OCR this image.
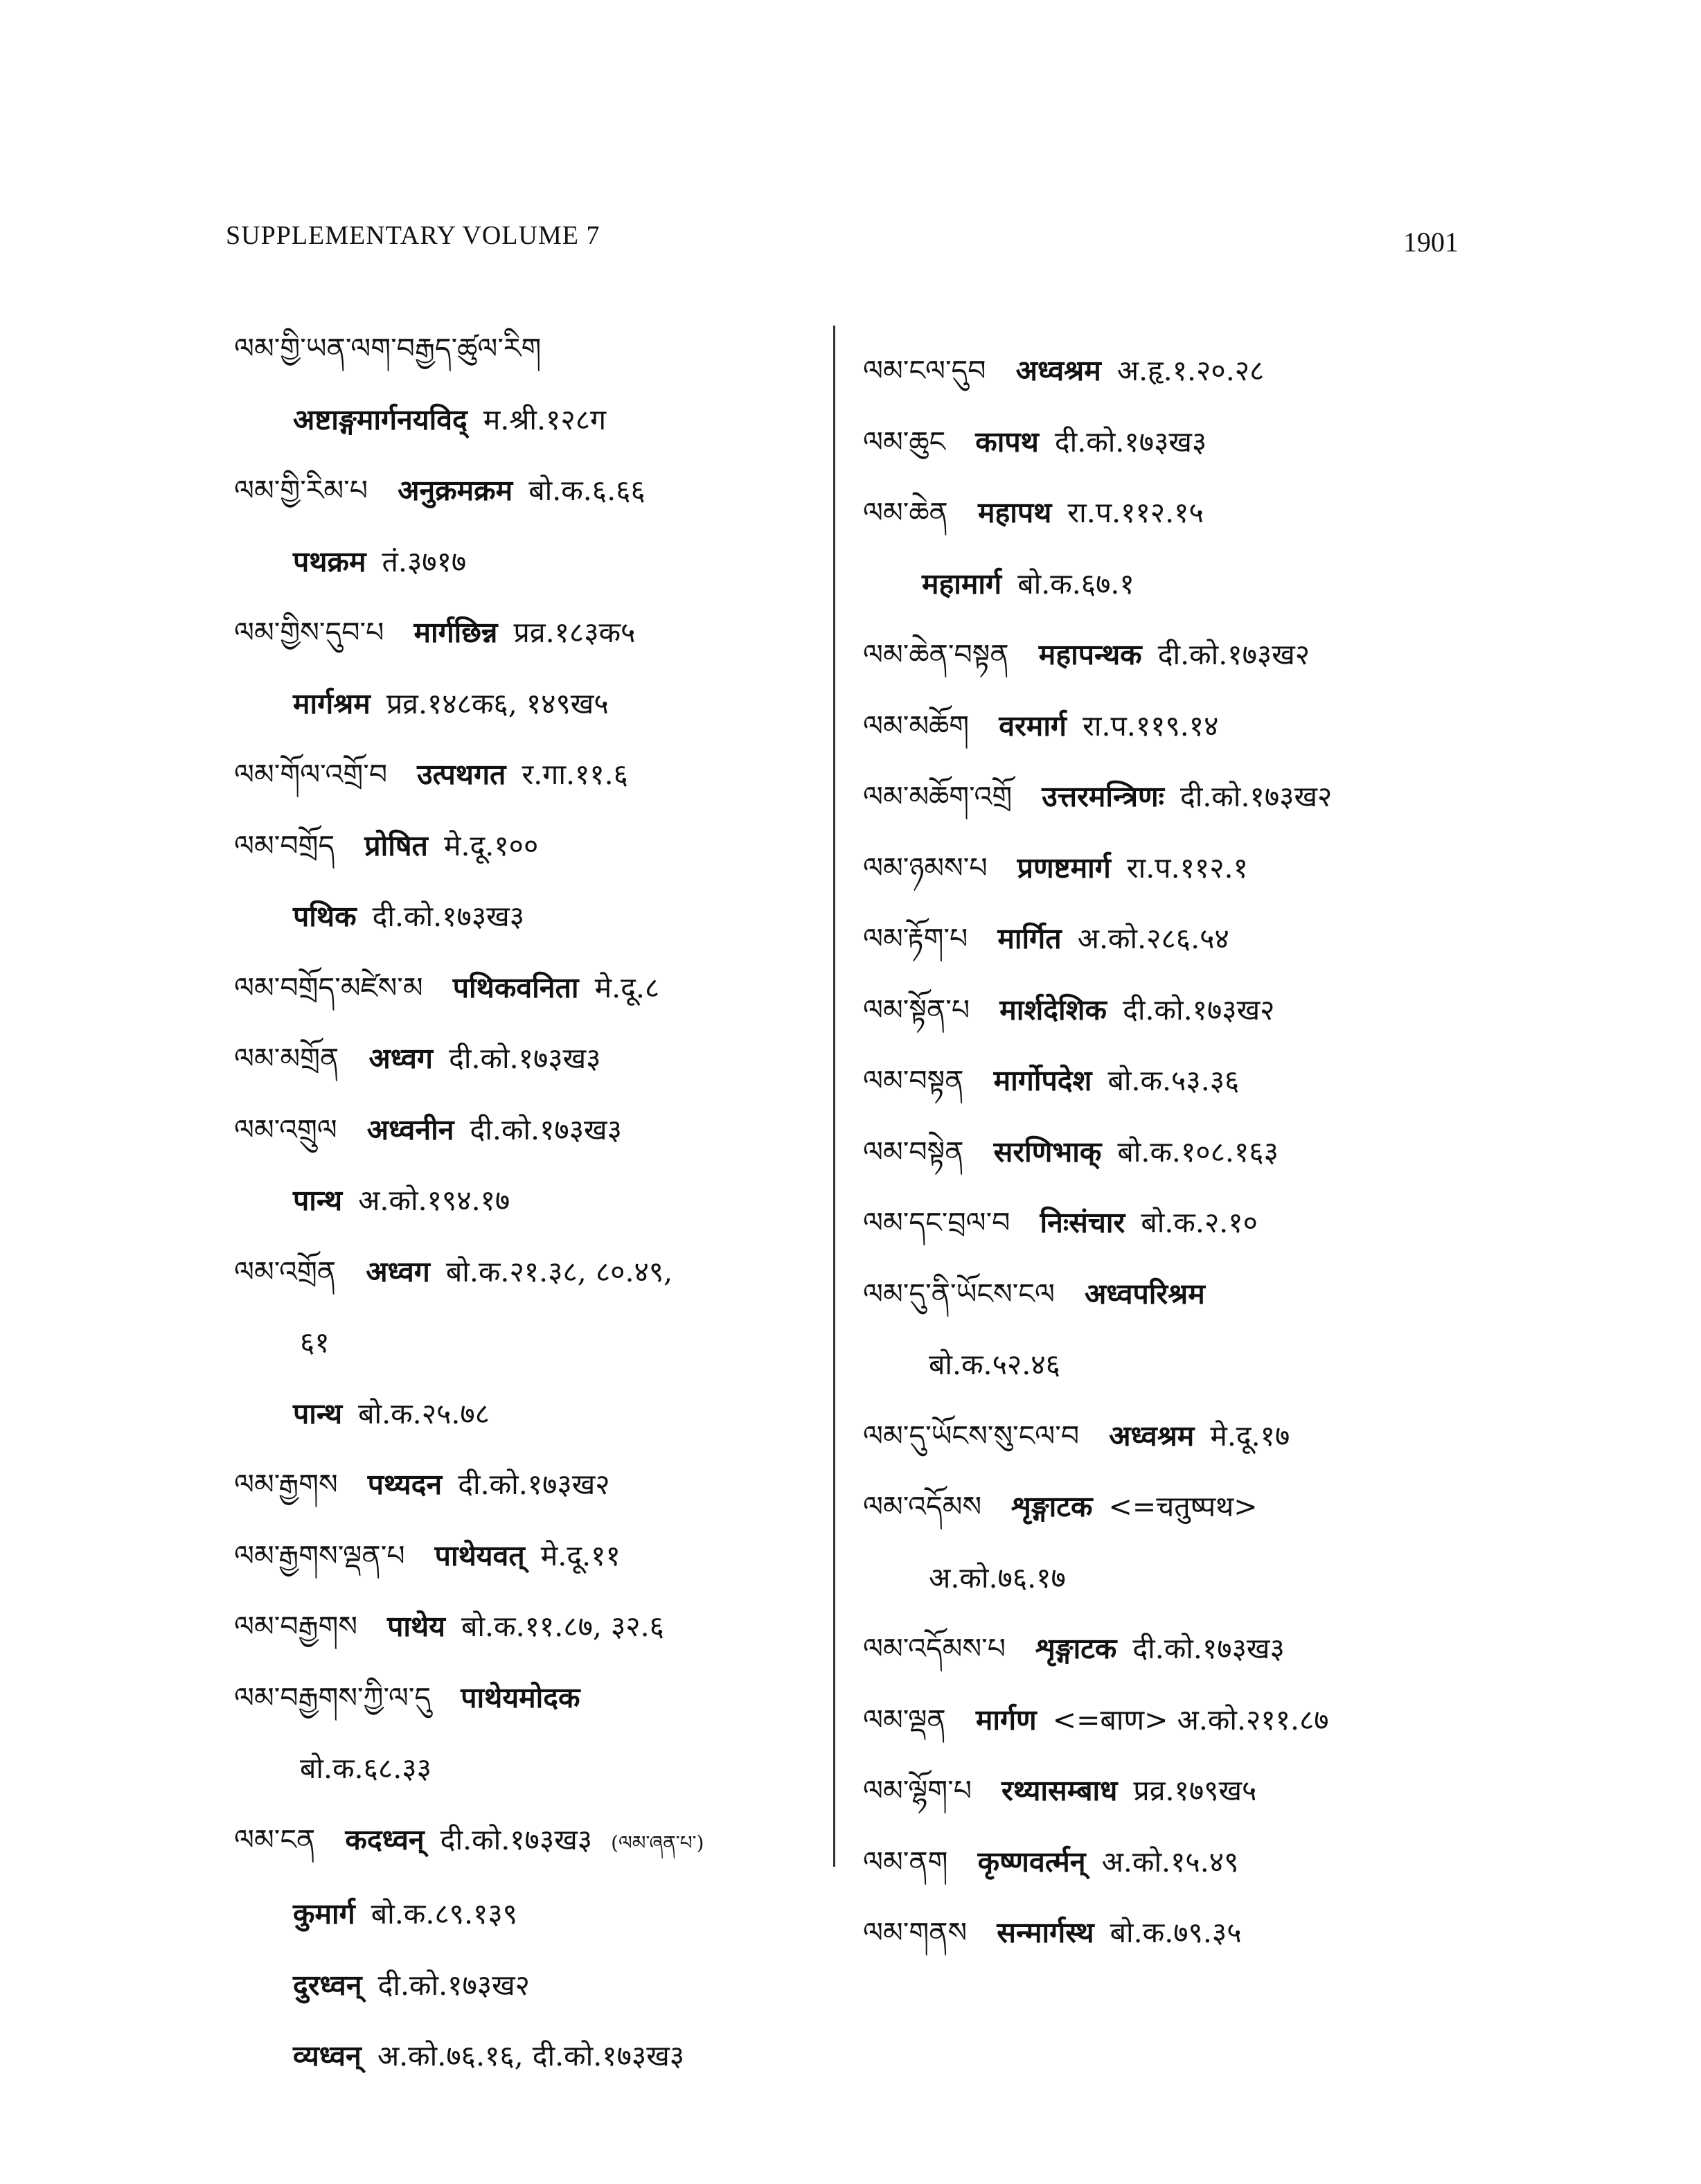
SUPPLEMENTARY VOLUME 7	1901
ལམ་གྱི་ཡན་ལག་བརྒྱད་ཚུལ་རིག
अष्टाङ्गमार्गनयविद् म.श्री.१२८ग
ལམ་གྱི་རིམ་པ अनुक्रमक्रम बो.क.६.६६
पथक्रम तं.३७१७
ལམ་གྱིས་དུབ་པ मार्गछिन्न प्रव्र.१८३क५
मार्गश्रम प्रव्र.१४८क६, १४९ख५
ལམ་གོལ་འགྲོ་བ उत्पथगत र.गा.११.६
ལམ་བགྲོད प्रोषित मे.दू.१००
पथिक दी.को.१७३ख३
ལམ་བགྲོད་མཛེས་མ पथिकवनिता मे.दू.८
ལམ་མགྲོན अध्वग दी.को.१७३ख३
ལམ་འགྲུལ अध्वनीन दी.को.१७३ख३
पान्थ अ.को.१९४.१७
ལམ་འགྲོན अध्वग बो.क.२१.३८, ८०.४९,
६१
पान्थ बो.क.२५.७८
ལམ་རྒྱགས पथ्यदन दी.को.१७३ख२
ལམ་རྒྱགས་ལྡན་པ पाथेयवत् मे.दू.११
ལམ་བརྒྱགས पाथेय बो.क.११.८७, ३२.६
ལམ་བརྒྱགས་ཀྱི་ལ་དུ पाथेयमोदक
बो.क.६८.३३
ལམ་ངན कदध्वन् दी.को.१७३ख३ (ལམ་ཞན་པ་)
कुमार्ग बो.क.८९.१३९
दुरध्वन् दी.को.१७३ख२
व्यध्वन् अ.को.७६.१६, दी.को.१७३ख३
ལམ་ངལ་དུབ अध्वश्रम अ.हृ.१.२०.२८
ལམ་ཆུང कापथ दी.को.१७३ख३
ལམ་ཆེན महापथ रा.प.११२.१५
महामार्ग बो.क.६७.१
ལམ་ཆེན་བསྟན महापन्थक दी.को.१७३ख२
ལམ་མཆོག वरमार्ग रा.प.११९.१४
ལམ་མཆོག་འགྲོ उत्तरमन्त्रिणः दी.को.१७३ख२
ལམ་ཉམས་པ प्रणष्टमार्ग रा.प.११२.१
ལམ་རྟོག་པ मार्गित अ.को.२८६.५४
ལམ་སྟོན་པ मार्शदेशिक दी.को.१७३ख२
ལམ་བསྟན मार्गोपदेश बो.क.५३.३६
ལམ་བསྟེན सरणिभाक् बो.क.१०८.१६३
ལམ་དང་བྲལ་བ निःसंचार बो.क.२.१०
ལམ་དུ་ནི་ཡོངས་ངལ अध्वपरिश्रम
बो.क.५२.४६
ལམ་དུ་ཡོངས་སུ་ངལ་བ अध्वश्रम मे.दू.१७
ལམ་འདོམས शृङ्गाटक <=चतुष्पथ>
अ.को.७६.१७
ལམ་འདོམས་པ शृङ्गाटक दी.को.१७३ख३
ལམ་ལྡན मार्गण <=बाण> अ.को.२११.८७
ལམ་ལྷོག་པ रथ्यासम्बाध प्रव्र.१७९ख५
ལམ་ནག कृष्णवर्त्मन् अ.को.१५.४९
ལམ་གནས सन्मार्गस्थ बो.क.७९.३५
